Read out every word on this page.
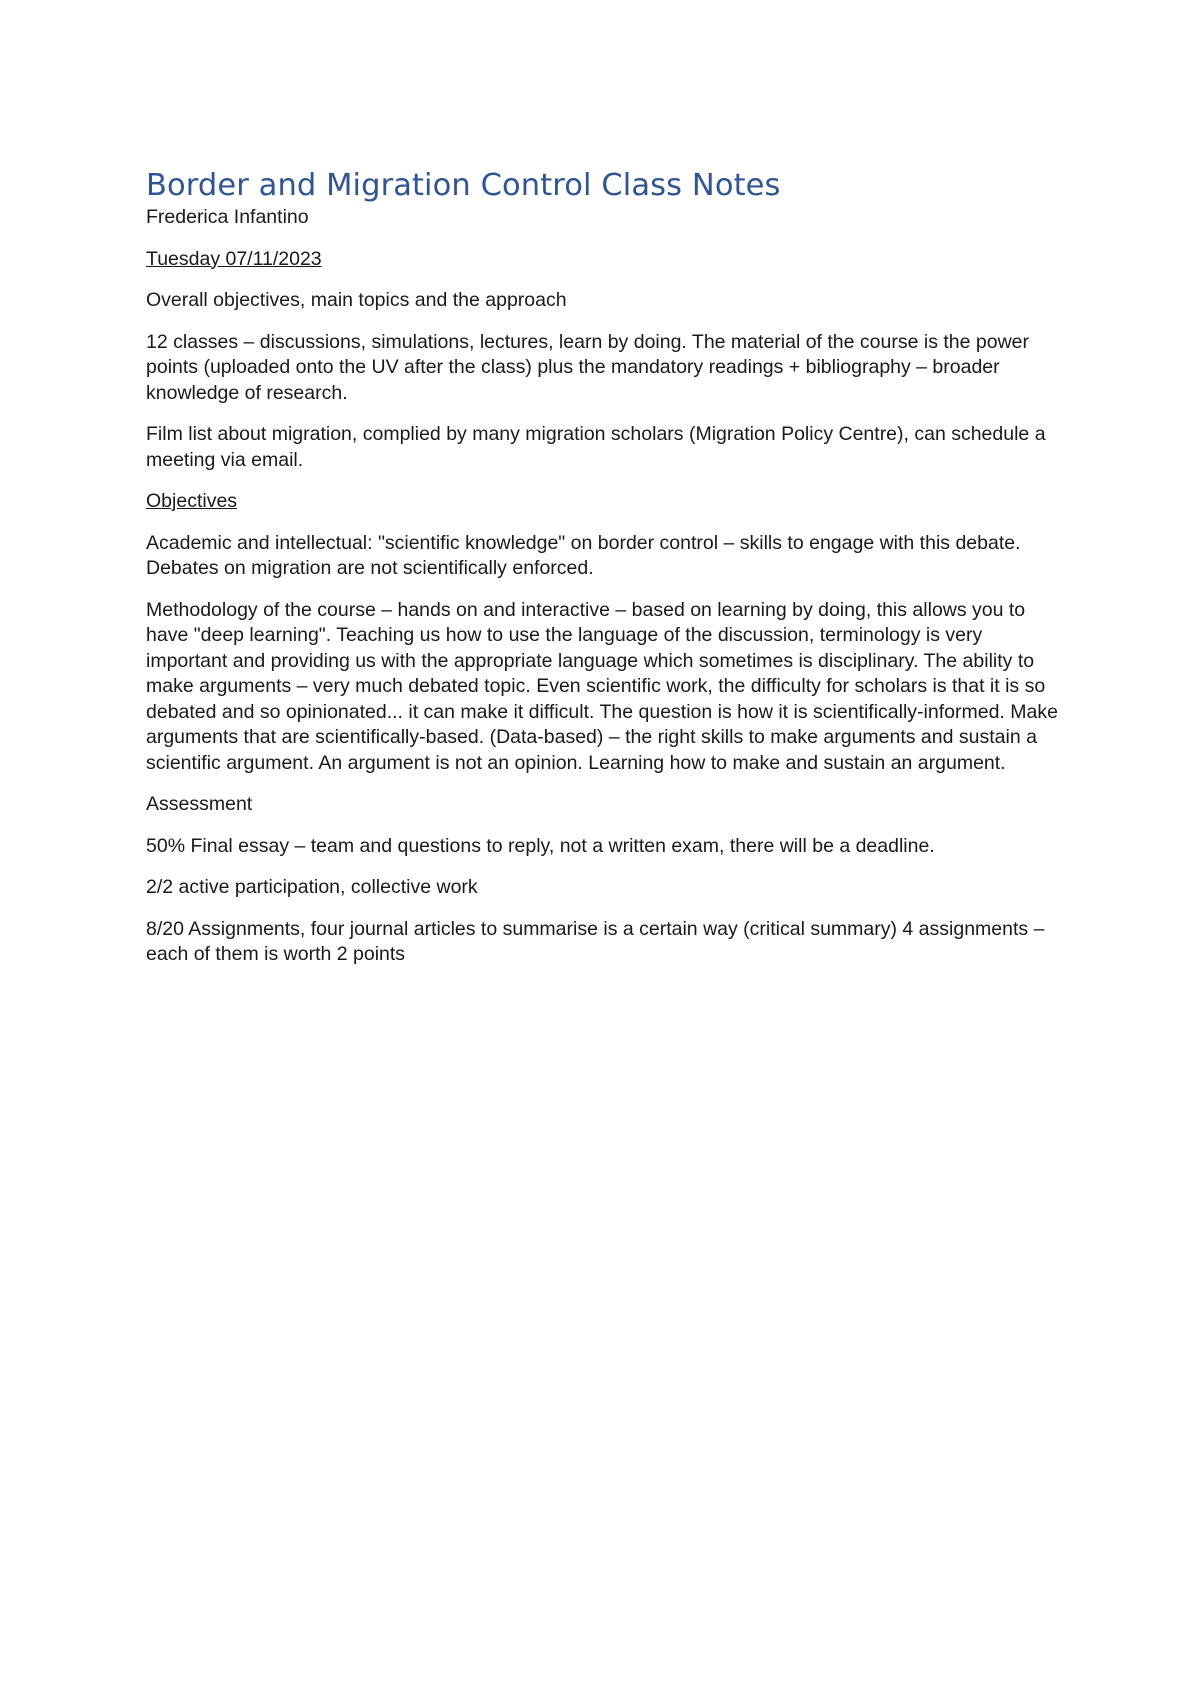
Border and Migration Control Class Notes

Frederica Infantino

Tuesday 07/11/2023

Overall objectives, main topics and the approach

12 classes – discussions, simulations, lectures, learn by doing. The material of the course is the power points (uploaded onto the UV after the class) plus the mandatory readings + bibliography – broader knowledge of research.

Film list about migration, complied by many migration scholars (Migration Policy Centre), can schedule a meeting via email.

Objectives

Academic and intellectual: "scientific knowledge" on border control – skills to engage with this debate. Debates on migration are not scientifically enforced.

Methodology of the course – hands on and interactive – based on learning by doing, this allows you to have "deep learning". Teaching us how to use the language of the discussion, terminology is very important and providing us with the appropriate language which sometimes is disciplinary. The ability to make arguments – very much debated topic. Even scientific work, the difficulty for scholars is that it is so debated and so opinionated... it can make it difficult. The question is how it is scientifically-informed. Make arguments that are scientifically-based. (Data-based) – the right skills to make arguments and sustain a scientific argument. An argument is not an opinion. Learning how to make and sustain an argument.

Assessment

50% Final essay – team and questions to reply, not a written exam, there will be a deadline.

2/2 active participation, collective work

8/20 Assignments, four journal articles to summarise is a certain way (critical summary) 4 assignments – each of them is worth 2 points
